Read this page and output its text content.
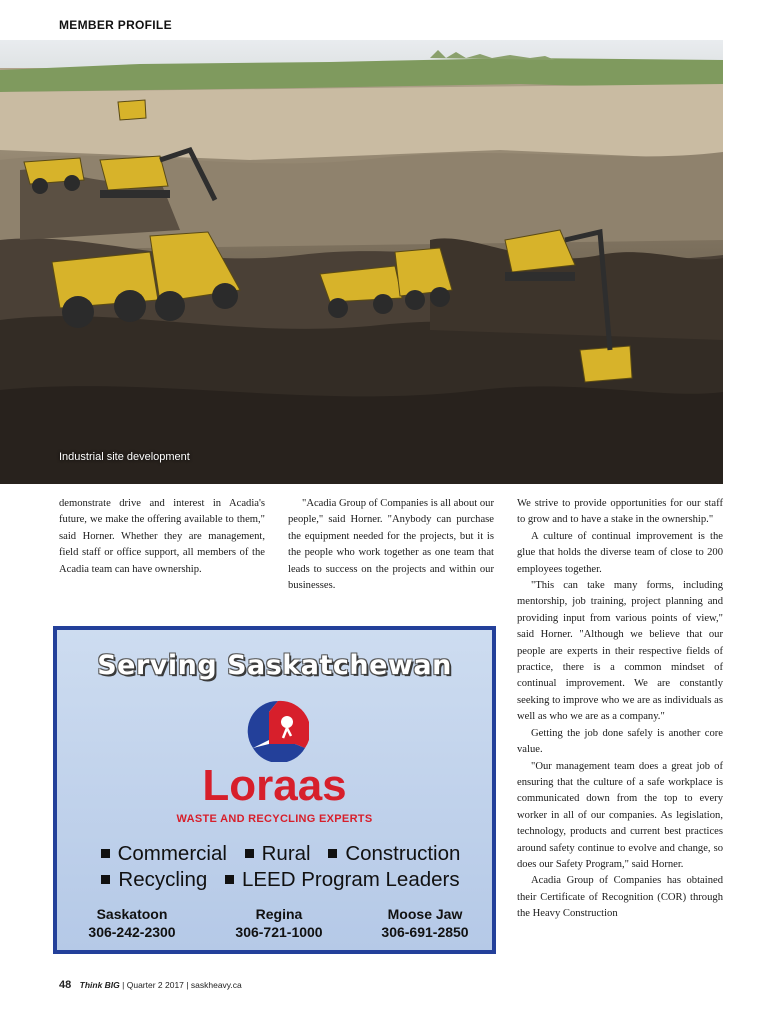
MEMBER PROFILE
Industrial site development

demonstrate drive and interest in Acadia's future, we make the offering available to them," said Horner. Whether they are management, field staff or office support, all members of the Acadia team can have ownership.

"Acadia Group of Companies is all about our people," said Horner. "Anybody can purchase the equipment needed for the projects, but it is the people who work together as one team that leads to success on the projects and within our businesses.

We strive to provide opportunities for our staff to grow and to have a stake in the ownership."

A culture of continual improvement is the glue that holds the diverse team of close to 200 employees together.

"This can take many forms, including mentorship, job training, project planning and providing input from various points of view," said Horner. "Although we believe that our people are experts in their respective fields of practice, there is a common mindset of continual improvement. We are constantly seeking to improve who we are as individuals as well as who we are as a company."

Getting the job done safely is another core value.

"Our management team does a great job of ensuring that the culture of a safe workplace is communicated down from the top to every worker in all of our companies. As legislation, technology, products and current best practices around safety continue to evolve and change, so does our Safety Program," said Horner.

Acadia Group of Companies has obtained their Certificate of Recognition (COR) through the Heavy Construction

Serving Saskatchewan
Loraas
WASTE AND RECYCLING EXPERTS
Commercial Rural Construction
Recycling LEED Program Leaders
Saskatoon
306-242-2300
Regina
306-721-1000
Moose Jaw
306-691-2850
48 Think BIG | Quarter 2 2017 | saskheavy.ca
